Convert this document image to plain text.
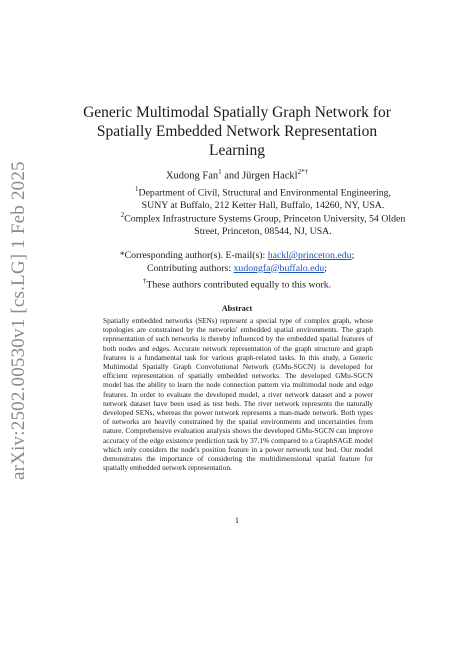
arXiv:2502.00530v1 [cs.LG] 1 Feb 2025
Generic Multimodal Spatially Graph Network for
Spatially Embedded Network Representation
Learning
Xudong Fan$^1$ and Jürgen Hackl$^{2*\dagger}$
$^1$Department of Civil, Structural and Environmental Engineering,
SUNY at Buffalo, 212 Ketter Hall, Buffalo, 14260, NY, USA.
$^2$Complex Infrastructure Systems Group, Princeton University, 54 Olden
Street, Princeton, 08544, NJ, USA.
*Corresponding author(s). E-mail(s): hackl@princeton.edu;
Contributing authors: xudongfa@buffalo.edu;
†These authors contributed equally to this work.
Abstract
Spatially embedded networks (SENs) represent a special type of complex graph, whose topologies are constrained by the networks' embedded spatial environments. The graph representation of such networks is thereby influenced by the embedded spatial features of both nodes and edges. Accurate network representation of the graph structure and graph features is a fundamental task for various graph-related tasks. In this study, a Generic Multimodal Spatially Graph Convolutional Network (GMu-SGCN) is developed for efficient representation of spatially embedded networks. The developed GMu-SGCN model has the ability to learn the node connection pattern via multimodal node and edge features. In order to evaluate the developed model, a river network dataset and a power network dataset have been used as test beds. The river network represents the naturally developed SENs, whereas the power network represents a man-made network. Both types of networks are heavily constrained by the spatial environments and uncertainties from nature. Comprehensive evaluation analysis shows the developed GMu-SGCN can improve accuracy of the edge existence prediction task by 37.1% compared to a GraphSAGE model which only considers the node's position feature in a power network test bed. Our model demonstrates the importance of considering the multidimensional spatial feature for spatially embedded network representation.
1
